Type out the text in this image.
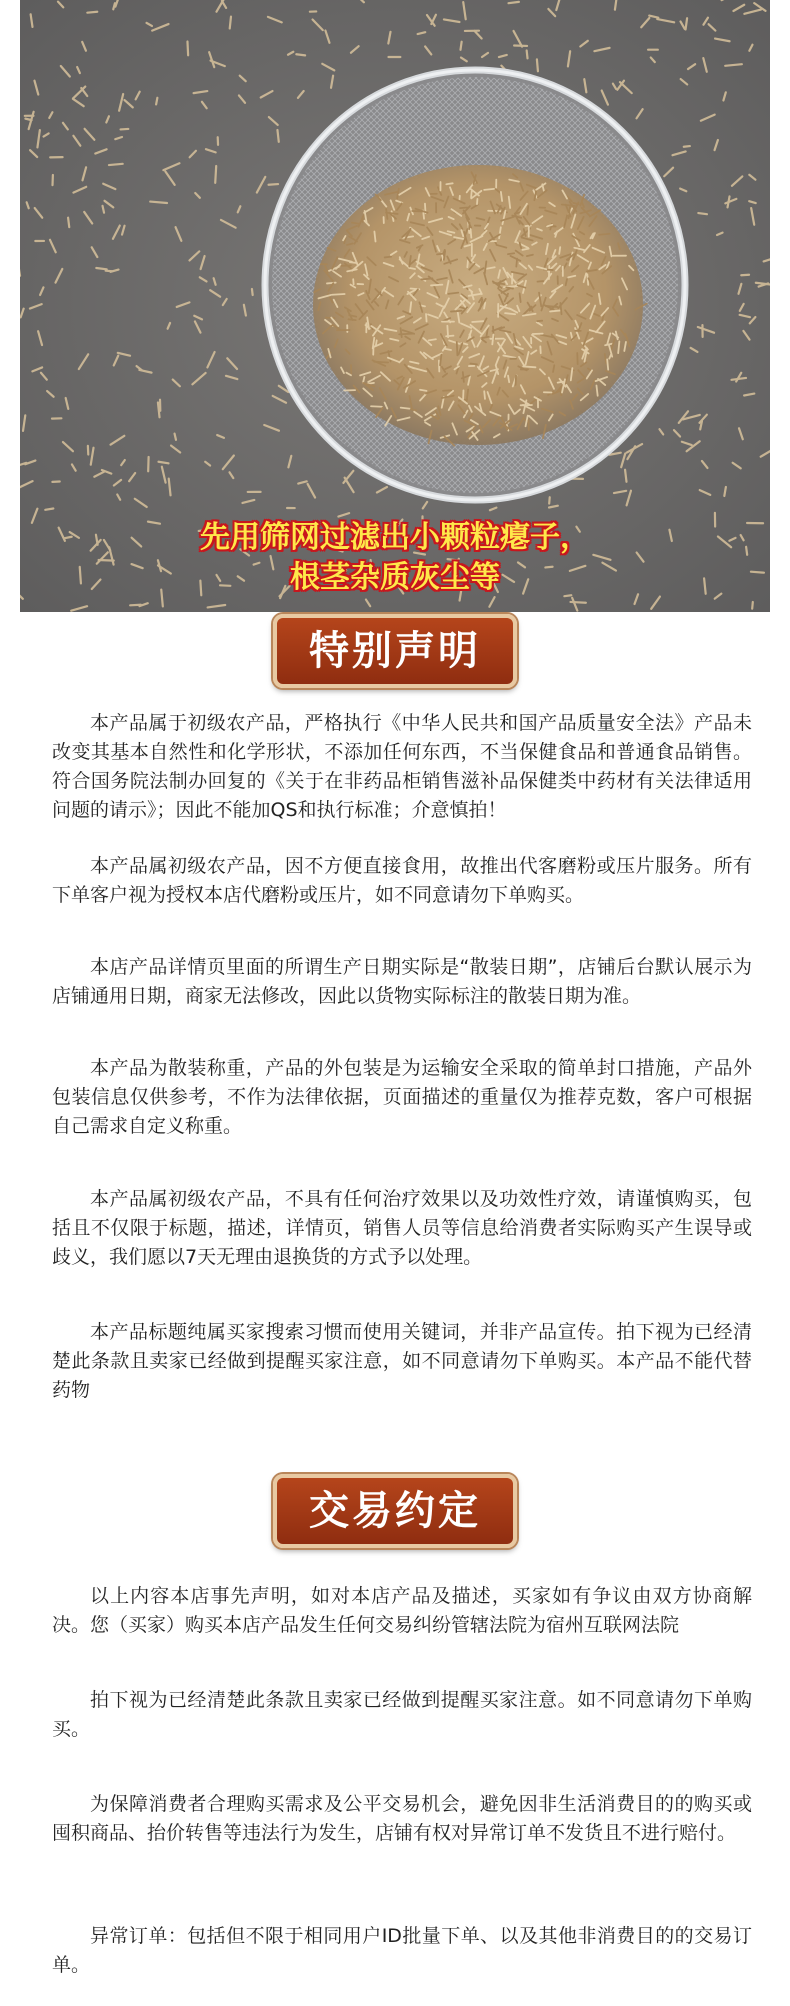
先用筛网过滤出小颗粒瘪子，
根茎杂质灰尘等
特别声明

本产品属于初级农产品，严格执行《中华人民共和国产品质量安全法》产品未改变其基本自然性和化学形状，不添加任何东西，不当保健食品和普通食品销售。符合国务院法制办回复的《关于在非药品柜销售滋补品保健类中药材有关法律适用问题的请示》；因此不能加QS和执行标准；介意慎拍！

本产品属初级农产品，因不方便直接食用，故推出代客磨粉或压片服务。所有下单客户视为授权本店代磨粉或压片，如不同意请勿下单购买。

本店产品详情页里面的所谓生产日期实际是“散装日期”，店铺后台默认展示为店铺通用日期，商家无法修改，因此以货物实际标注的散装日期为准。

本产品为散装称重，产品的外包装是为运输安全采取的简单封口措施，产品外包装信息仅供参考，不作为法律依据，页面描述的重量仅为推荐克数，客户可根据自己需求自定义称重。

本产品属初级农产品，不具有任何治疗效果以及功效性疗效，请谨慎购买，包括且不仅限于标题，描述，详情页，销售人员等信息给消费者实际购买产生误导或歧义，我们愿以7天无理由退换货的方式予以处理。

本产品标题纯属买家搜索习惯而使用关键词，并非产品宣传。拍下视为已经清楚此条款且卖家已经做到提醒买家注意，如不同意请勿下单购买。本产品不能代替药物

交易约定

以上内容本店事先声明，如对本店产品及描述，买家如有争议由双方协商解决。您（买家）购买本店产品发生任何交易纠纷管辖法院为宿州互联网法院

拍下视为已经清楚此条款且卖家已经做到提醒买家注意。如不同意请勿下单购买。

为保障消费者合理购买需求及公平交易机会，避免因非生活消费目的的购买或囤积商品、抬价转售等违法行为发生，店铺有权对异常订单不发货且不进行赔付。

异常订单：包括但不限于相同用户ID批量下单、以及其他非消费目的的交易订单。
